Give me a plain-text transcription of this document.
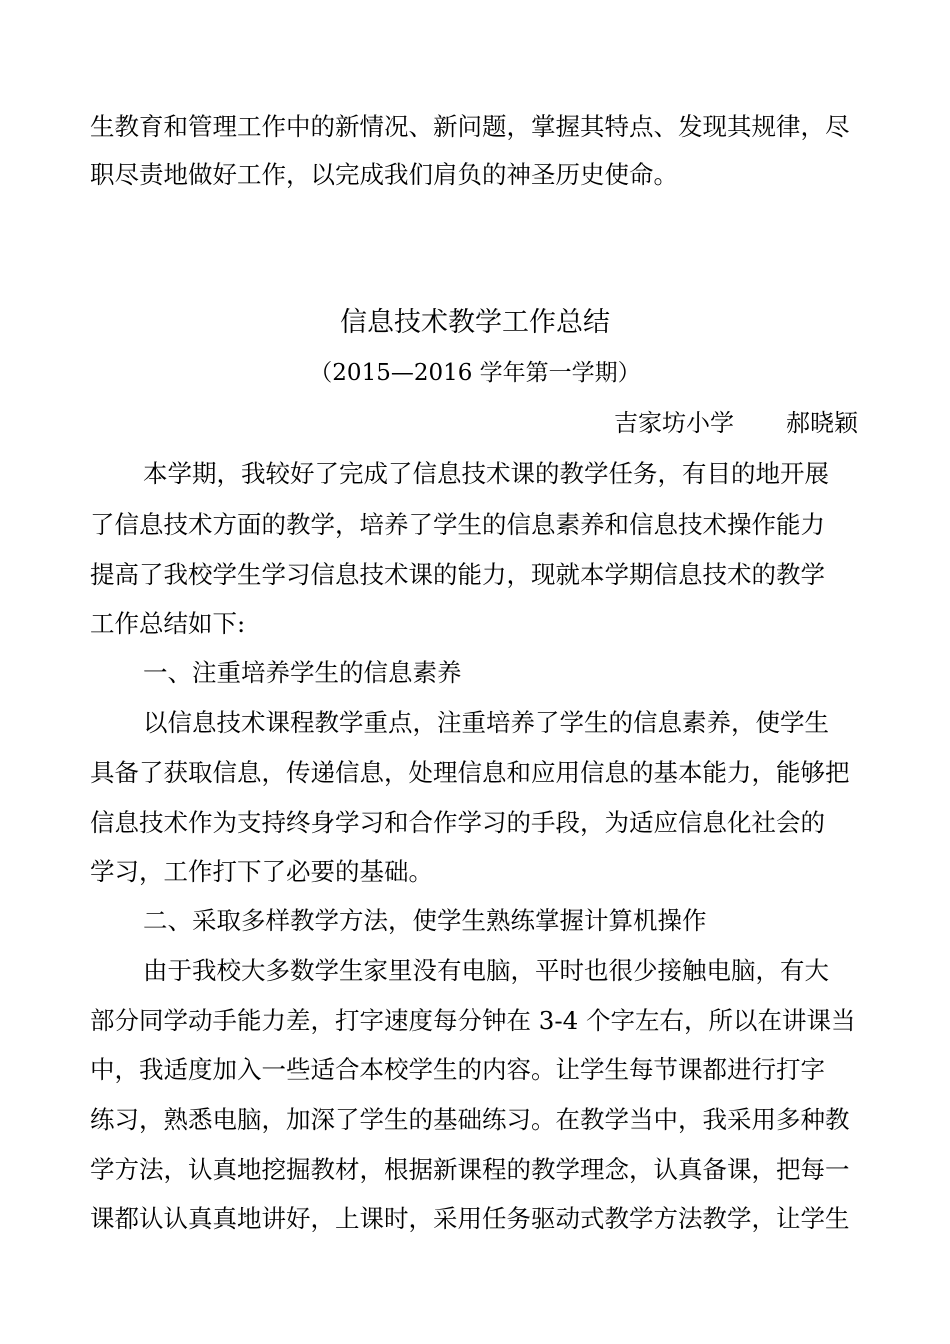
生教育和管理工作中的新情况、新问题，掌握其特点、发现其规律，尽
职尽责地做好工作，以完成我们肩负的神圣历史使命。
信息技术教学工作总结
（2015—2016 学年第一学期）
吉家坊小学 郝晓颖
本学期，我较好了完成了信息技术课的教学任务，有目的地开展
了信息技术方面的教学，培养了学生的信息素养和信息技术操作能力
提高了我校学生学习信息技术课的能力，现就本学期信息技术的教学
工作总结如下:
一、注重培养学生的信息素养
以信息技术课程教学重点，注重培养了学生的信息素养，使学生
具备了获取信息，传递信息，处理信息和应用信息的基本能力，能够把
信息技术作为支持终身学习和合作学习的手段，为适应信息化社会的
学习，工作打下了必要的基础。
二、采取多样教学方法，使学生熟练掌握计算机操作
由于我校大多数学生家里没有电脑，平时也很少接触电脑，有大
部分同学动手能力差，打字速度每分钟在 3-4 个字左右，所以在讲课当
中，我适度加入一些适合本校学生的内容。让学生每节课都进行打字
练习，熟悉电脑，加深了学生的基础练习。在教学当中，我采用多种教
学方法，认真地挖掘教材，根据新课程的教学理念，认真备课，把每一
课都认认真真地讲好，上课时，采用任务驱动式教学方法教学，让学生
